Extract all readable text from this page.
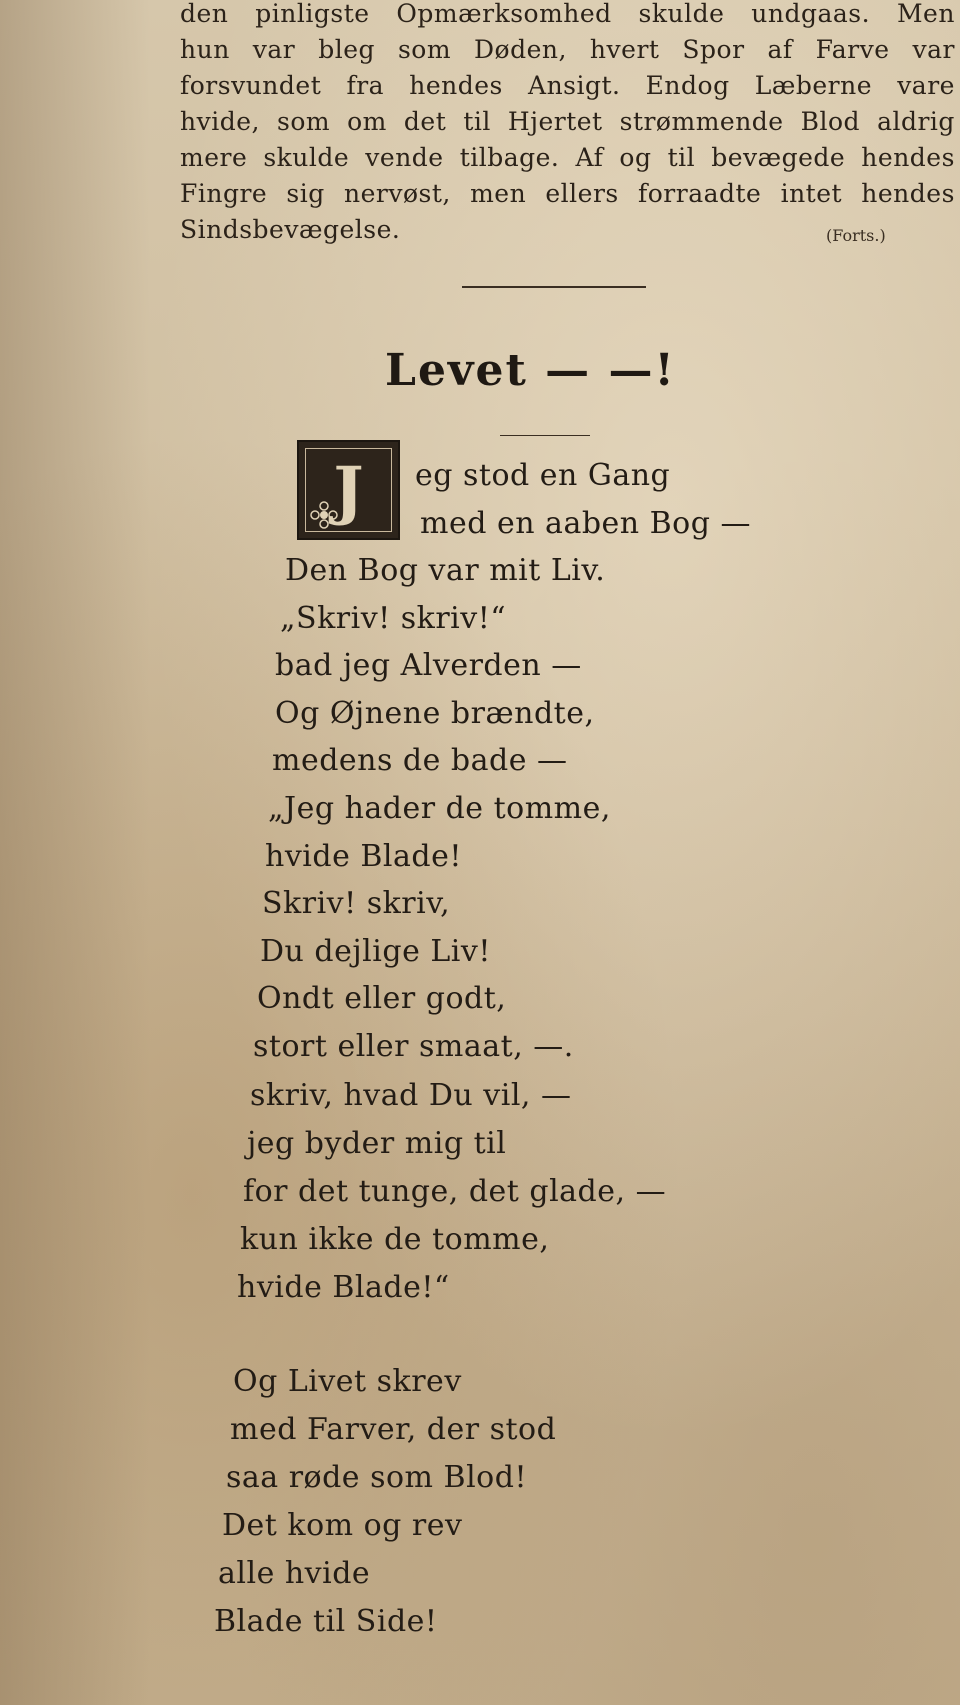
den pinligste Opmærksomhed skulde undgaas. Men
hun var bleg som Døden, hvert Spor af Farve var
forsvundet fra hendes Ansigt. Endog Læberne vare
hvide, som om det til Hjertet strømmende Blod aldrig
mere skulde vende tilbage. Af og til bevægede hendes
Fingre sig nervøst, men ellers forraadte intet hendes
Sindsbevægelse.	(Forts.)
Levet — —!
J	eg stod en Gang
med en aaben Bog —
Den Bog var mit Liv.
„Skriv! skriv!“
bad jeg Alverden —
Og Øjnene brændte,
medens de bade —
„Jeg hader de tomme,
hvide Blade!
Skriv! skriv,
Du dejlige Liv!
Ondt eller godt,
stort eller smaat, —.
skriv, hvad Du vil, —
jeg byder mig til
for det tunge, det glade, —
kun ikke de tomme,
hvide Blade!“
Og Livet skrev
med Farver, der stod
saa røde som Blod!
Det kom og rev
alle hvide
Blade til Side!
